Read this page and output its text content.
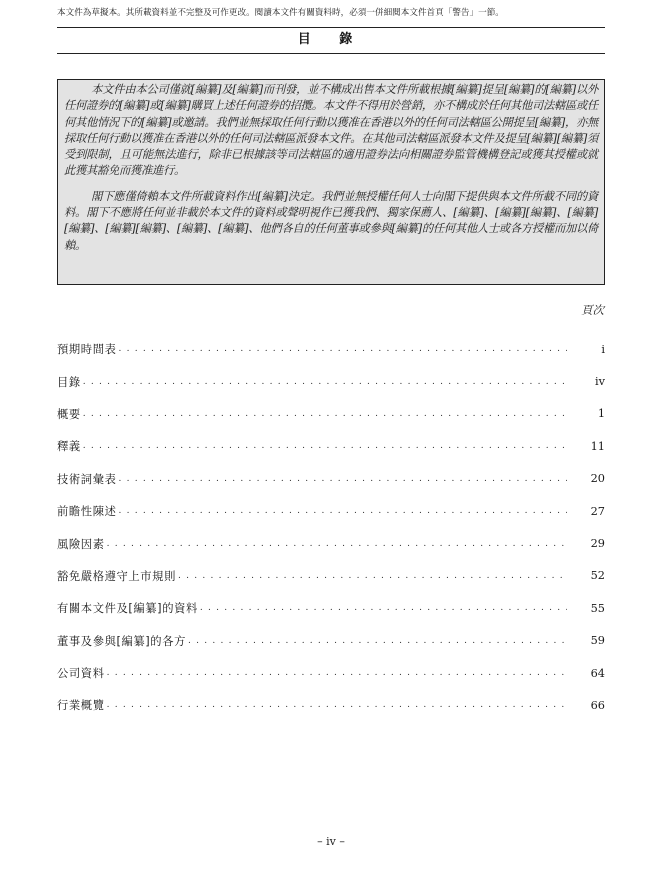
本文件為草擬本。其所載資料並不完整及可作更改。閱讀本文件有關資料時，必須一併細閱本文件首頁「警告」一節。
目 錄

本文件由本公司僅就[編纂]及[編纂]而刊發，並不構成出售本文件所載根據[編纂]提呈[編纂]的[編纂]以外任何證券的[編纂]或[編纂]購買上述任何證券的招攬。本文件不得用於營銷，亦不構成於任何其他司法轄區或任何其他情況下的[編纂]或邀請。我們並無採取任何行動以獲准在香港以外的任何司法轄區公開提呈[編纂]，亦無採取任何行動以獲准在香港以外的任何司法轄區派發本文件。在其他司法轄區派發本文件及提呈[編纂][編纂]須受到限制，且可能無法進行，除非已根據該等司法轄區的適用證券法向相關證券監管機構登記或獲其授權或就此獲其豁免而獲准進行。

閣下應僅倚賴本文件所載資料作出[編纂]決定。我們並無授權任何人士向閣下提供與本文件所載不同的資料。閣下不應將任何並非載於本文件的資料或聲明視作已獲我們、獨家保薦人、[編纂]、[編纂][編纂]、[編纂][編纂]、[編纂][編纂]、[編纂]、[編纂]、他們各自的任何董事或參與[編纂]的任何其他人士或各方授權而加以倚賴。

頁次
預期時間表 . . .	i
目錄 . . .	iv
概要 . . .	1
釋義 . . .	11
技術詞彙表 . . .	20
前瞻性陳述 . . .	27
風險因素 . . .	29
豁免嚴格遵守上市規則 . . .	52
有關本文件及[編纂]的資料 . . .	55
董事及參與[編纂]的各方 . . .	59
公司資料 . . .	64
行業概覽 . . .	66
– iv –
